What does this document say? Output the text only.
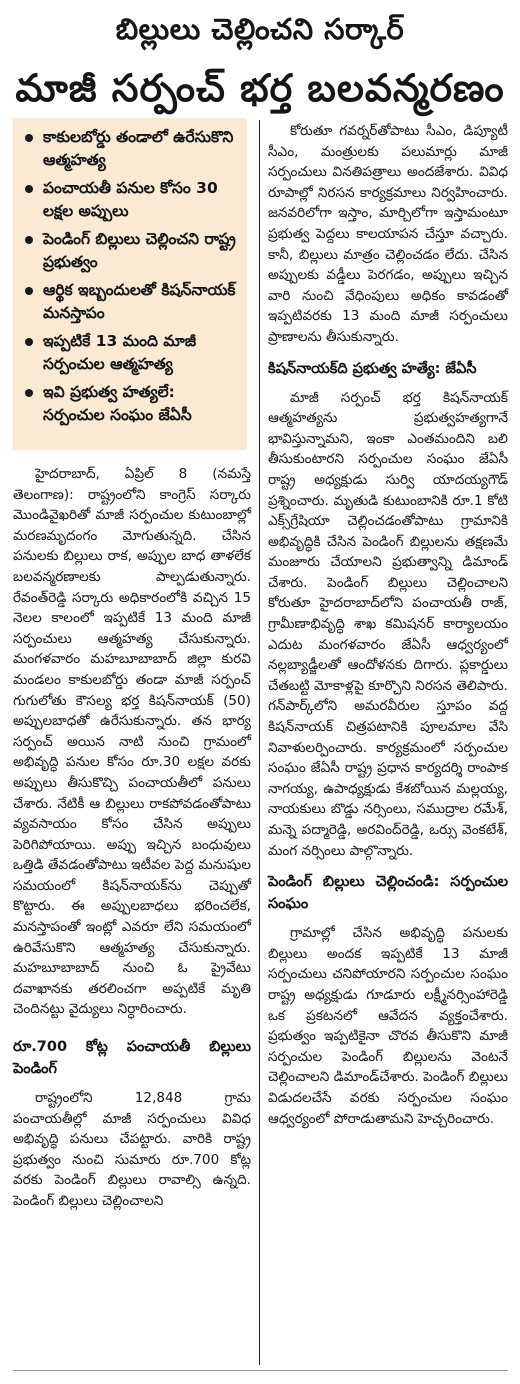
బిల్లులు చెల్లించని సర్కార్
మాజీ సర్పంచ్ భర్త బలవన్మరణం
కాకులబోర్డు తండాలో ఉరేసుకొని ఆత్మహత్య
పంచాయతీ పనుల కోసం 30 లక్షల అప్పులు
పెండింగ్ బిల్లులు చెల్లించని రాష్ట్ర ప్రభుత్వం
ఆర్థిక ఇబ్బందులతో కిషన్‌నాయక్ మనస్తాపం
ఇప్పటికే 13 మంది మాజీ సర్పంచుల ఆత్మహత్య
ఇవి ప్రభుత్వ హత్యలే: సర్పంచుల సంఘం జేఏసీ

హైదరాబాద్, ఏప్రిల్ 8 (నమస్తే తెలంగాణ): రాష్ట్రంలోని కాంగ్రెస్ సర్కారు మొండివైఖరితో మాజీ సర్పంచుల కుటుంబాల్లో మరణమృదంగం మోగుతున్నది. చేసిన పనులకు బిల్లులు రాక, అప్పుల బాధ తాళలేక బలవన్మరణాలకు పాల్పడుతున్నారు. రేవంత్‌రెడ్డి సర్కారు అధికారంలోకి వచ్చిన 15 నెలల కాలంలో ఇప్పటికే 13 మంది మాజీ సర్పంచులు ఆత్మహత్య చేసుకున్నారు. మంగళవారం మహబూబాబాద్ జిల్లా కురవి మండలం కాకులబోర్డు తండా మాజీ సర్పంచ్ గుగులోతు కౌసల్య భర్త కిషన్‌నాయక్ (50) అప్పులబాధతో ఉరేసుకున్నారు. తన భార్య సర్పంచ్ అయిన నాటి నుంచి గ్రామంలో అభివృద్ధి పనుల కోసం రూ.30 లక్షల వరకు అప్పులు తీసుకొచ్చి పంచాయతీలో పనులు చేశారు. నేటికీ ఆ బిల్లులు రాకపోవడంతోపాటు వ్యవసాయం కోసం చేసిన అప్పులు పెరిగిపోయాయి. అప్పు ఇచ్చిన బంధువులు ఒత్తిడి తేవడంతోపాటు ఇటీవల పెద్ద మనుషుల సమయంలో కిషన్‌నాయక్‌ను చెప్పుతో కొట్టారు. ఈ అప్పులబాధలు భరించలేక, మనస్తాపంతో ఇంట్లో ఎవరూ లేని సమయంలో ఉరివేసుకొని ఆత్మహత్య చేసుకున్నారు. మహబూబాబాద్ నుంచి ఓ ప్రైవేటు దవాఖానకు తరలించగా అప్పటికే మృతి చెందినట్టు వైద్యులు నిర్ధారించారు.

రూ.700 కోట్ల పంచాయతీ బిల్లులు పెండింగ్

రాష్ట్రంలోని 12,848 గ్రామ పంచాయతీల్లో మాజీ సర్పంచులు వివిధ అభివృద్ధి పనులు చేపట్టారు. వారికి రాష్ట్ర ప్రభుత్వం నుంచి సుమారు రూ.700 కోట్ల వరకు పెండింగ్ బిల్లులు రావాల్సి ఉన్నది. పెండింగ్ బిల్లులు చెల్లించాలని

కోరుతూ గవర్నర్‌తోపాటు సీఎం, డిప్యూటీ సీఎం, మంత్రులకు పలుమార్లు మాజీ సర్పంచులు వినతిపత్రాలు అందజేశారు. వివిధ రూపాల్లో నిరసన కార్యక్రమాలు నిర్వహించారు. జనవరిలోగా ఇస్తాం, మార్చిలోగా ఇస్తామంటూ ప్రభుత్వ పెద్దలు కాలయాపన చేస్తూ వచ్చారు. కానీ, బిల్లులు మాత్రం చెల్లించడం లేదు. చేసిన అప్పులకు వడ్డీలు పెరగడం, అప్పులు ఇచ్చిన వారి నుంచి వేధింపులు అధికం కావడంతో ఇప్పటివరకు 13 మంది మాజీ సర్పంచులు ప్రాణాలను తీసుకున్నారు.

కిషన్‌నాయక్‌ది ప్రభుత్వ హత్యే: జేఏసీ

మాజీ సర్పంచ్ భర్త కిషన్‌నాయక్ ఆత్మహత్యను ప్రభుత్వహత్యగానే భావిస్తున్నామని, ఇంకా ఎంతమందిని బలి తీసుకుంటారని సర్పంచుల సంఘం జేఏసీ రాష్ట్ర అధ్యక్షుడు సుర్వి యాదయ్యగౌడ్ ప్రశ్నించారు. మృతుడి కుటుంబానికి రూ.1 కోటి ఎక్స్‌గ్రేషియా చెల్లించడంతోపాటు గ్రామానికి అభివృద్ధికి చేసిన పెండింగ్ బిల్లులను తక్షణమే మంజూరు చేయాలని ప్రభుత్వాన్ని డిమాండ్ చేశారు. పెండింగ్ బిల్లులు చెల్లించాలని కోరుతూ హైదరాబాద్‌లోని పంచాయతీ రాజ్, గ్రామీణాభివృద్ధి శాఖ కమిషనర్ కార్యాలయం ఎదుట మంగళవారం జేఏసీ ఆధ్వర్యంలో నల్లబ్యాడ్జీలతో ఆందోళనకు దిగారు. ప్లకార్డులు చేతబట్టి మోకాళ్లపై కూర్చొని నిరసన తెలిపారు. గన్‌పార్క్‌లోని అమరవీరుల స్తూపం వద్ద కిషన్‌నాయక్ చిత్రపటానికి పూలమాల వేసి నివాళులర్పించారు. కార్యక్రమంలో సర్పంచుల సంఘం జేఏసీ రాష్ట్ర ప్రధాన కార్యదర్శి రాంపాక నాగయ్య, ఉపాధ్యక్షుడు కేశబోయిన మల్లయ్య, నాయకులు బొడ్డు నర్సింలు, సముద్రాల రమేశ్, మన్నె పద్మారెడ్డి, అరవింద్‌రెడ్డి, ఒర్సు వెంకటేశ్, మంగ నర్సింలు పాల్గొన్నారు.

పెండింగ్ బిల్లులు చెల్లించండి: సర్పంచుల సంఘం

గ్రామాల్లో చేసిన అభివృద్ధి పనులకు బిల్లులు అందక ఇప్పటికే 13 మాజీ సర్పంచులు చనిపోయారని సర్పంచుల సంఘం రాష్ట్ర అధ్యక్షుడు గూడూరు లక్ష్మీనర్సింహారెడ్డి ఒక ప్రకటనలో ఆవేదన వ్యక్తంచేశారు. ప్రభుత్వం ఇప్పటికైనా చొరవ తీసుకొని మాజీ సర్పంచుల పెండింగ్ బిల్లులను వెంటనే చెల్లించాలని డిమాండ్‌చేశారు. పెండింగ్ బిల్లులు విడుదలచేసే వరకు సర్పంచుల సంఘం ఆధ్వర్యంలో పోరాడుతామని హెచ్చరించారు.
